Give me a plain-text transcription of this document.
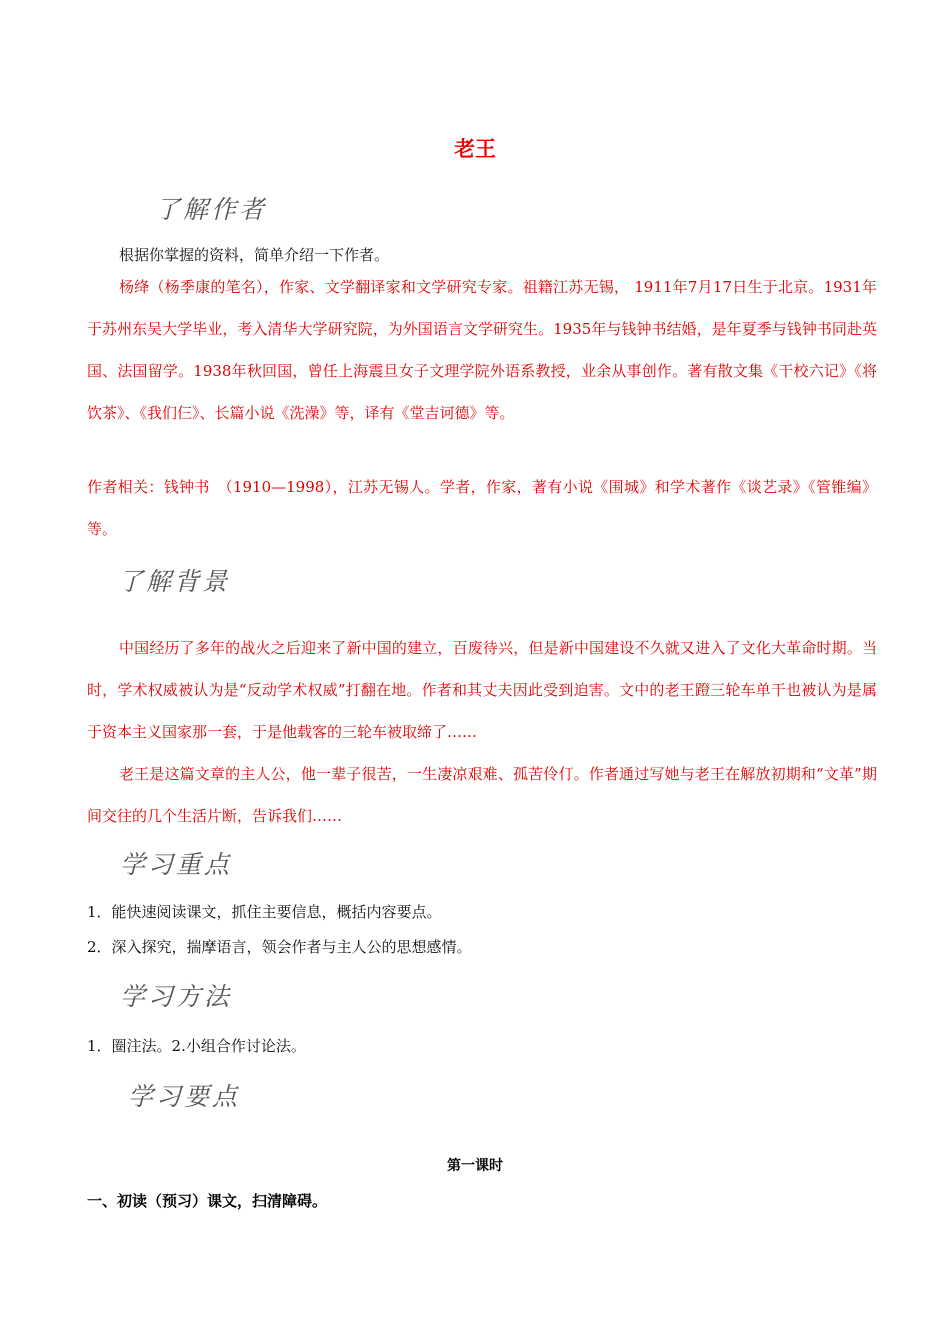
老王
了解作者
根据你掌握的资料，简单介绍一下作者。

杨绛（杨季康的笔名），作家、文学翻译家和文学研究专家。祖籍江苏无锡， 1911年7月17日生于北京。1931年于苏州东吴大学毕业，考入清华大学研究院，为外国语言文学研究生。1935年与钱钟书结婚，是年夏季与钱钟书同赴英国、法国留学。1938年秋回国，曾任上海震旦女子文理学院外语系教授，业余从事创作。著有散文集《干校六记》《将饮茶》、《我们仨》、长篇小说《洗澡》等，译有《堂吉诃德》等。

作者相关：钱钟书　（1910—1998），江苏无锡人。学者，作家，著有小说《围城》和学术著作《谈艺录》《管锥编》等。

了解背景

中国经历了多年的战火之后迎来了新中国的建立，百废待兴，但是新中国建设不久就又进入了文化大革命时期。当时，学术权威被认为是“反动学术权威”打翻在地。作者和其丈夫因此受到迫害。文中的老王蹬三轮车单干也被认为是属于资本主义国家那一套，于是他载客的三轮车被取缔了……

老王是这篇文章的主人公，他一辈子很苦，一生凄凉艰难、孤苦伶仃。作者通过写她与老王在解放初期和“文革”期间交往的几个生活片断，告诉我们……

学习重点
1．能快速阅读课文，抓住主要信息，概括内容要点。
2．深入探究，揣摩语言，领会作者与主人公的思想感情。
学习方法
1．圈注法。2.小组合作讨论法。
学习要点
第一课时
一、初读（预习）课文，扫清障碍。
